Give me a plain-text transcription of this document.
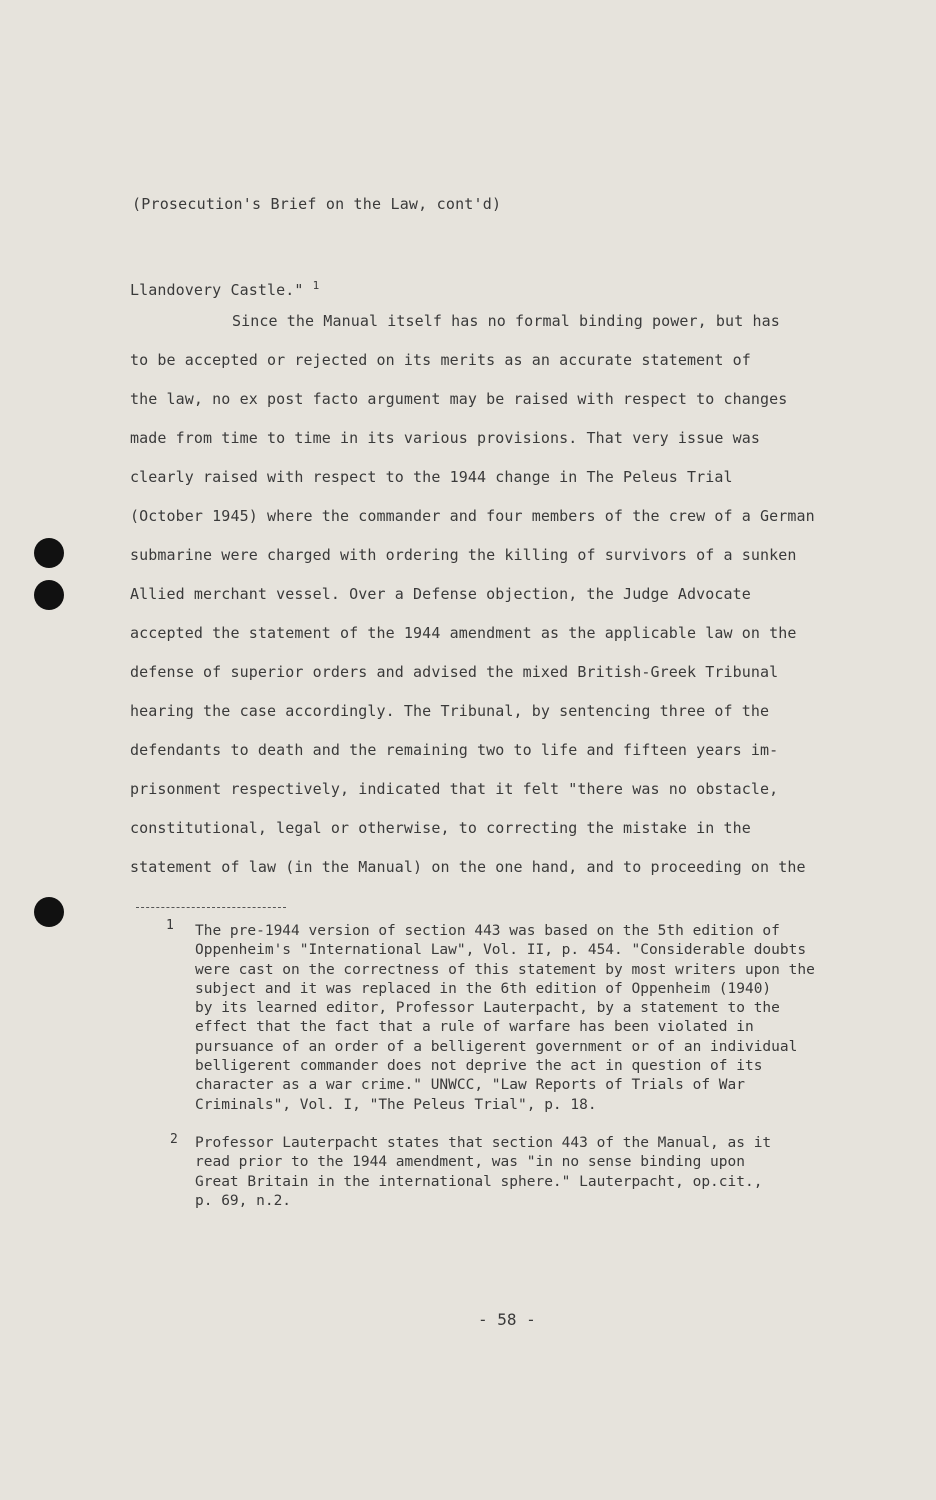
(Prosecution's Brief on the Law, cont'd)
Llandovery Castle." $^1$
Since the Manual itself has no formal binding power, but has
to be accepted or rejected on its merits as an accurate statement of
the law, no ex post facto argument may be raised with respect to changes
made from time to time in its various provisions. That very issue was
clearly raised with respect to the 1944 change in The Peleus Trial
(October 1945) where the commander and four members of the crew of a German
submarine were charged with ordering the killing of survivors of a sunken
Allied merchant vessel. Over a Defense objection, the Judge Advocate
accepted the statement of the 1944 amendment as the applicable law on the
defense of superior orders and advised the mixed British-Greek Tribunal
hearing the case accordingly. The Tribunal, by sentencing three of the
defendants to death and the remaining two to life and fifteen years im-
prisonment respectively, indicated that it felt "there was no obstacle,
constitutional, legal or otherwise, to correcting the mistake in the
statement of law (in the Manual) on the one hand, and to proceeding on the
1 The pre-1944 version of section 443 was based on the 5th edition of
Oppenheim's "International Law", Vol. II, p. 454. "Considerable doubts
were cast on the correctness of this statement by most writers upon the
subject and it was replaced in the 6th edition of Oppenheim (1940)
by its learned editor, Professor Lauterpacht, by a statement to the
effect that the fact that a rule of warfare has been violated in
pursuance of an order of a belligerent government or of an individual
belligerent commander does not deprive the act in question of its
character as a war crime." UNWCC, "Law Reports of Trials of War
Criminals", Vol. I, "The Peleus Trial", p. 18.
2 Professor Lauterpacht states that section 443 of the Manual, as it
read prior to the 1944 amendment, was "in no sense binding upon
Great Britain in the international sphere." Lauterpacht, op.cit.,
p. 69, n.2.
- 58 -
